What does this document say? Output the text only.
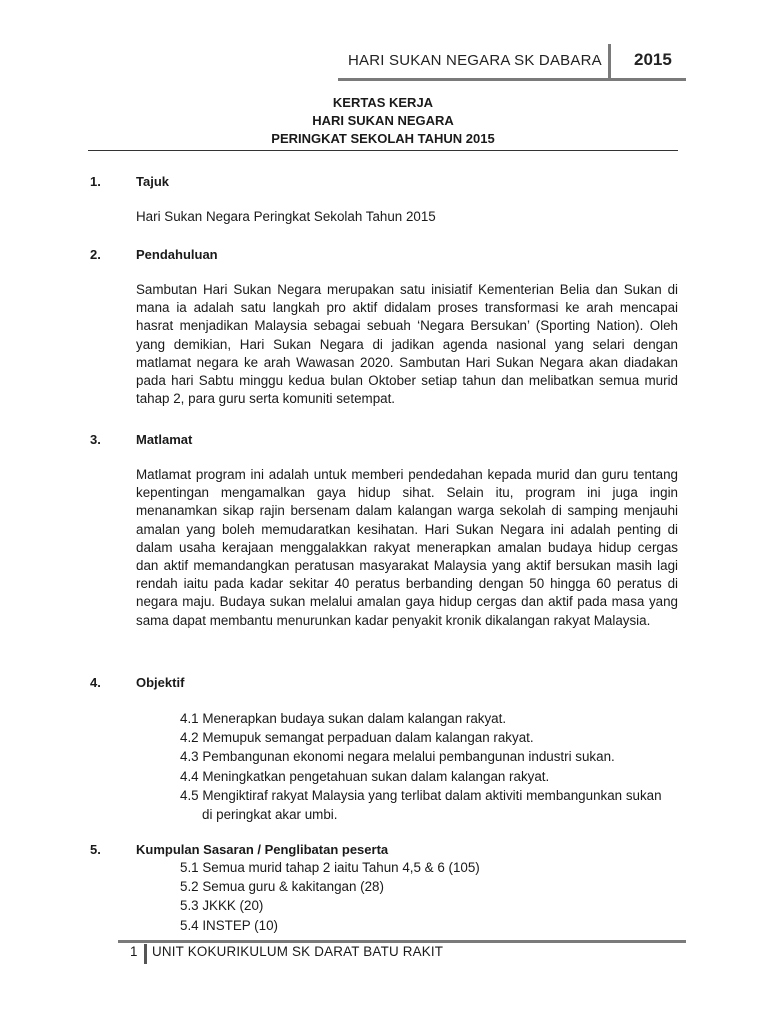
HARI SUKAN NEGARA SK DABARA 2015
KERTAS KERJA
HARI SUKAN NEGARA
PERINGKAT SEKOLAH TAHUN 2015
1.	Tajuk

Hari Sukan Negara Peringkat Sekolah Tahun 2015

2.	Pendahuluan

Sambutan Hari Sukan Negara merupakan satu inisiatif Kementerian Belia dan Sukan di mana ia adalah satu langkah pro aktif didalam proses transformasi ke arah mencapai hasrat menjadikan Malaysia sebagai sebuah ‘Negara Bersukan’ (Sporting Nation). Oleh yang demikian, Hari Sukan Negara di jadikan agenda nasional yang selari dengan matlamat negara ke arah Wawasan 2020. Sambutan Hari Sukan Negara akan diadakan pada hari Sabtu minggu kedua bulan Oktober setiap tahun dan melibatkan semua murid tahap 2, para guru serta komuniti setempat.

3.	Matlamat

Matlamat program ini adalah untuk memberi pendedahan kepada murid dan guru tentang kepentingan mengamalkan gaya hidup sihat. Selain itu, program ini juga ingin menanamkan sikap rajin bersenam dalam kalangan warga sekolah di samping menjauhi amalan yang boleh memudaratkan kesihatan. Hari Sukan Negara ini adalah penting di dalam usaha kerajaan menggalakkan rakyat menerapkan amalan budaya hidup cergas dan aktif memandangkan peratusan masyarakat Malaysia yang aktif bersukan masih lagi rendah iaitu pada kadar sekitar 40 peratus berbanding dengan 50 hingga 60 peratus di negara maju. Budaya sukan melalui amalan gaya hidup cergas dan aktif pada masa yang sama dapat membantu menurunkan kadar penyakit kronik dikalangan rakyat Malaysia.

4.	Objektif
4.1 Menerapkan budaya sukan dalam kalangan rakyat.
4.2 Memupuk semangat perpaduan dalam kalangan rakyat.
4.3 Pembangunan ekonomi negara melalui pembangunan industri sukan.
4.4 Meningkatkan pengetahuan sukan dalam kalangan rakyat.
4.5 Mengiktiraf rakyat Malaysia yang terlibat dalam aktiviti membangunkan sukan
di peringkat akar umbi.
5.	Kumpulan Sasaran / Penglibatan peserta
5.1 Semua murid tahap 2 iaitu Tahun 4,5 & 6 (105)
5.2 Semua guru & kakitangan (28)
5.3 JKKK (20)
5.4 INSTEP (10)
1 UNIT KOKURIKULUM SK DARAT BATU RAKIT
